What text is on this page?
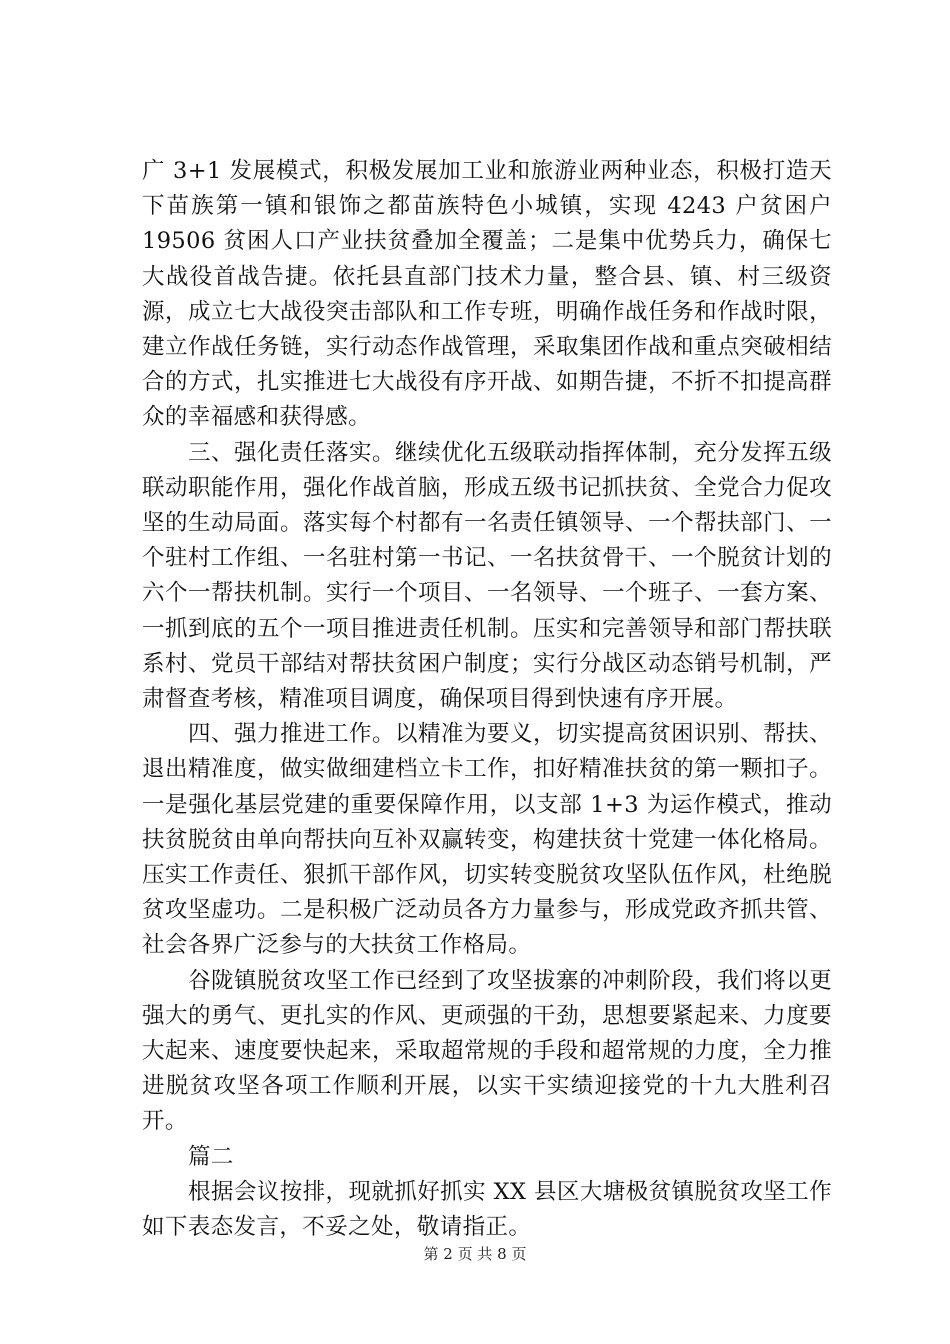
广 3+1 发展模式，积极发展加工业和旅游业两种业态，积极打造天下苗族第一镇和银饰之都苗族特色小城镇，实现 4243 户贫困户 19506 贫困人口产业扶贫叠加全覆盖；二是集中优势兵力，确保七大战役首战告捷。依托县直部门技术力量，整合县、镇、村三级资源，成立七大战役突击部队和工作专班，明确作战任务和作战时限，建立作战任务链，实行动态作战管理，采取集团作战和重点突破相结合的方式，扎实推进七大战役有序开战、如期告捷，不折不扣提高群众的幸福感和获得感。

三、强化责任落实。继续优化五级联动指挥体制，充分发挥五级联动职能作用，强化作战首脑，形成五级书记抓扶贫、全党合力促攻坚的生动局面。落实每个村都有一名责任镇领导、一个帮扶部门、一个驻村工作组、一名驻村第一书记、一名扶贫骨干、一个脱贫计划的六个一帮扶机制。实行一个项目、一名领导、一个班子、一套方案、一抓到底的五个一项目推进责任机制。压实和完善领导和部门帮扶联系村、党员干部结对帮扶贫困户制度；实行分战区动态销号机制，严肃督查考核，精准项目调度，确保项目得到快速有序开展。

四、强力推进工作。以精准为要义，切实提高贫困识别、帮扶、退出精准度，做实做细建档立卡工作，扣好精准扶贫的第一颗扣子。一是强化基层党建的重要保障作用，以支部 1+3 为运作模式，推动扶贫脱贫由单向帮扶向互补双赢转变，构建扶贫十党建一体化格局。压实工作责任、狠抓干部作风，切实转变脱贫攻坚队伍作风，杜绝脱贫攻坚虚功。二是积极广泛动员各方力量参与，形成党政齐抓共管、社会各界广泛参与的大扶贫工作格局。

谷陇镇脱贫攻坚工作已经到了攻坚拔寨的冲刺阶段，我们将以更强大的勇气、更扎实的作风、更顽强的干劲，思想要紧起来、力度要大起来、速度要快起来，采取超常规的手段和超常规的力度，全力推进脱贫攻坚各项工作顺利开展，以实干实绩迎接党的十九大胜利召开。

篇二

根据会议按排，现就抓好抓实 XX 县区大塘极贫镇脱贫攻坚工作如下表态发言，不妥之处，敬请指正。

第 2 页 共 8 页
